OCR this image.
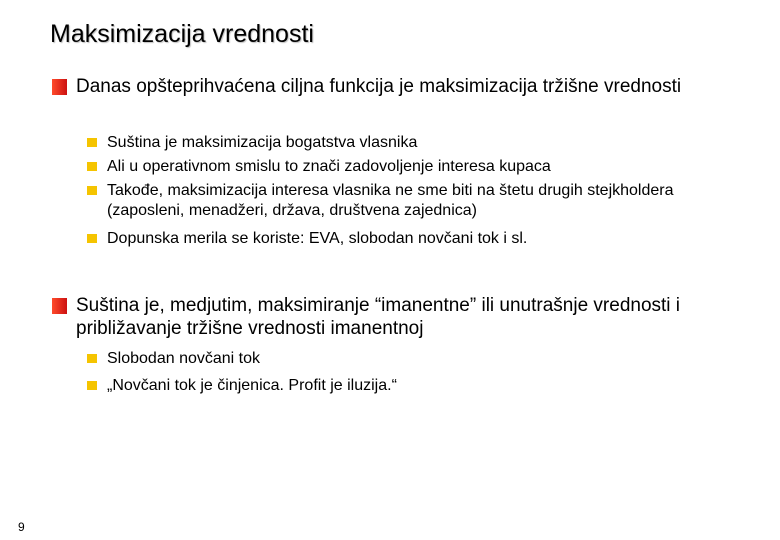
Maksimizacija vrednosti
Danas opšteprihvaćena ciljna funkcija je maksimizacija tržišne vrednosti
Suština je maksimizacija bogatstva vlasnika
Ali u operativnom smislu to znači zadovoljenje interesa kupaca
Takođe, maksimizacija interesa vlasnika ne sme biti na štetu drugih stejkholdera (zaposleni, menadžeri, država, društvena zajednica)
Dopunska merila se koriste: EVA, slobodan novčani tok i sl.
Suština je, medjutim, maksimiranje “imanentne” ili unutrašnje vrednosti i približavanje tržišne vrednosti imanentnoj
Slobodan novčani tok
„Novčani tok je činjenica. Profit je iluzija.“
9
